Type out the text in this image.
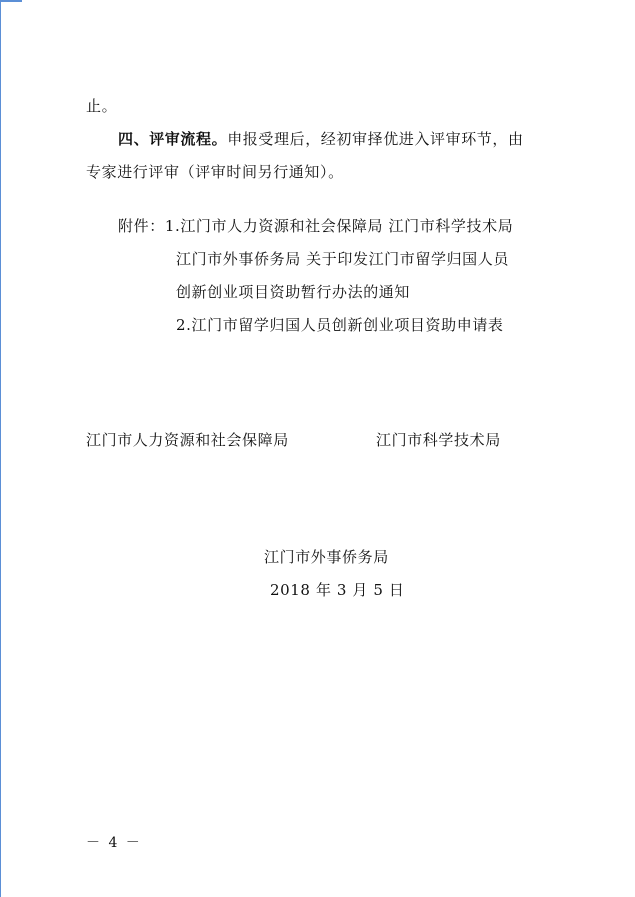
止。
四、评审流程。申报受理后，经初审择优进入评审环节，由
专家进行评审（评审时间另行通知）。
附件：1.江门市人力资源和社会保障局 江门市科学技术局
江门市外事侨务局 关于印发江门市留学归国人员
创新创业项目资助暂行办法的通知
2.江门市留学归国人员创新创业项目资助申请表
江门市人力资源和社会保障局	江门市科学技术局
江门市外事侨务局
2018 年 3 月 5 日
－ 4 －
